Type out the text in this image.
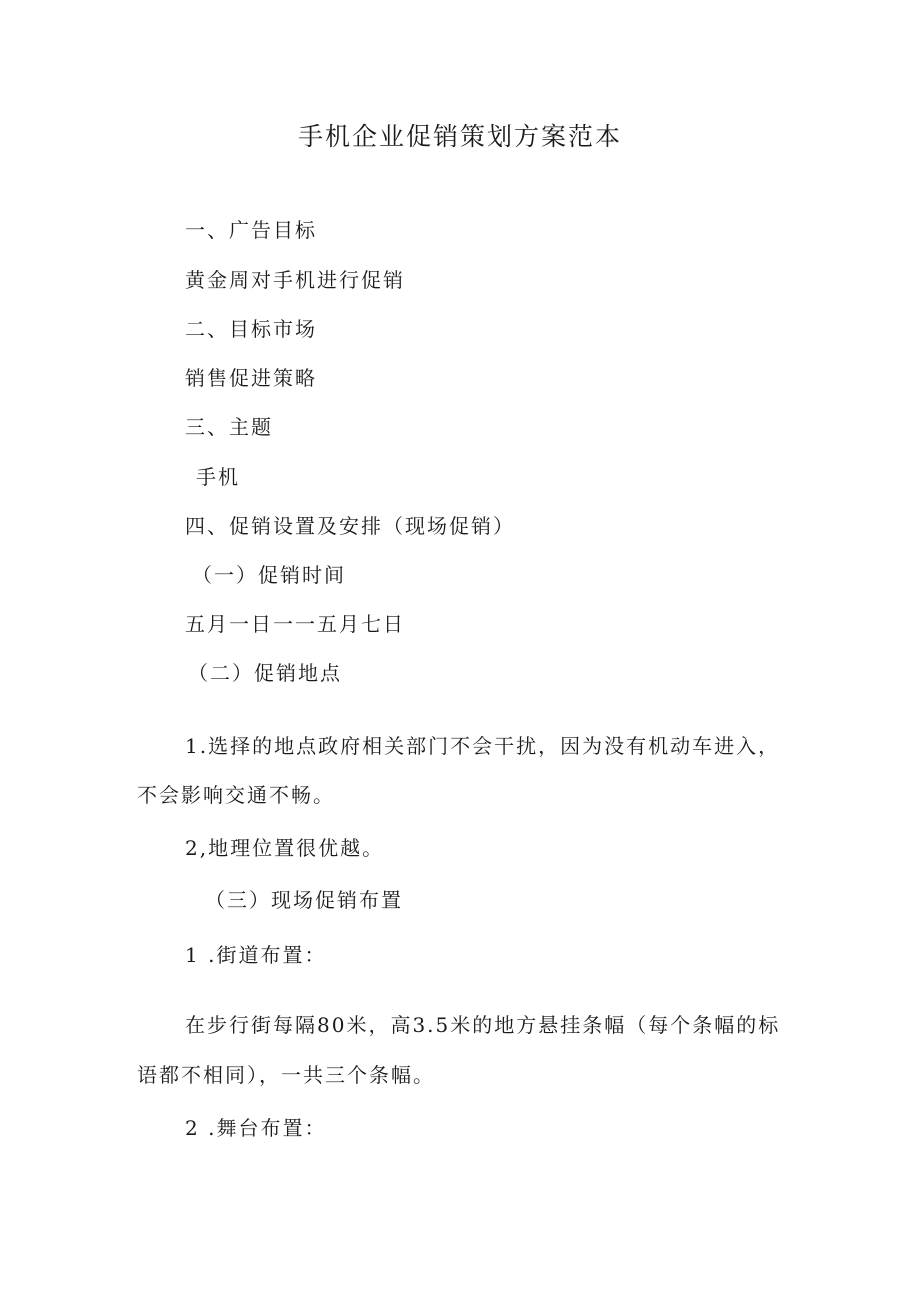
手机企业促销策划方案范本

一、广告目标

黄金周对手机进行促销

二、目标市场

销售促进策略

三、主题

手机

四、促销设置及安排（现场促销）

（一）促销时间

五月一日一一五月七日

（二）促销地点

1.选择的地点政府相关部门不会干扰，因为没有机动车进入，

不会影响交通不畅。

2,地理位置很优越。

（三）现场促销布置

1 .街道布置：

在步行街每隔80米，高3.5米的地方悬挂条幅（每个条幅的标

语都不相同），一共三个条幅。

2 .舞台布置：
